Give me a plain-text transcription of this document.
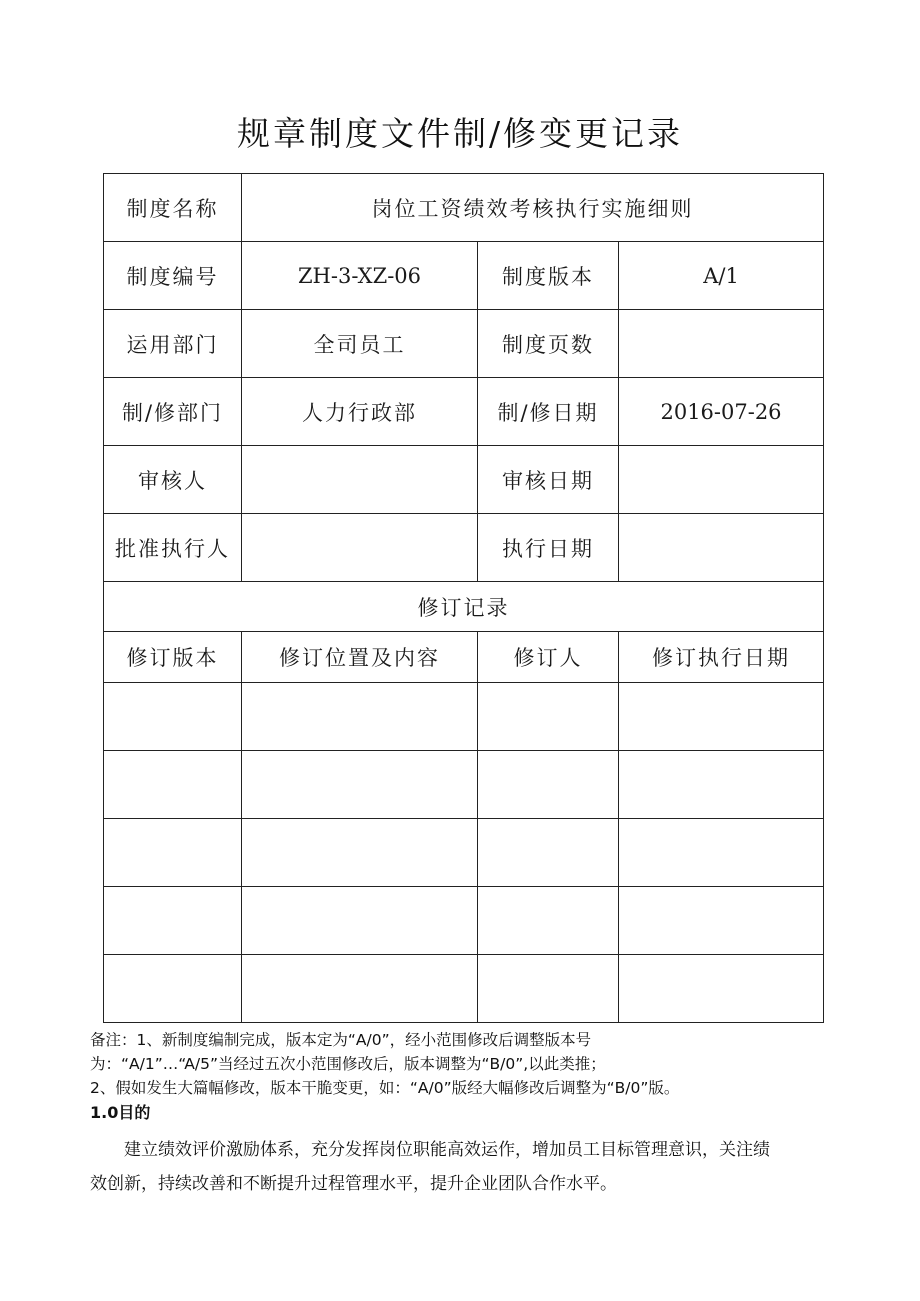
规章制度文件制/修变更记录
制度名称	岗位工资绩效考核执行实施细则		
制度编号	ZH-3-XZ-06	制度版本	A/1
运用部门	全司员工	制度页数	
制/修部门	人力行政部	制/修日期	2016-07-26
审核人		审核日期	
批准执行人		执行日期	
修订记录			
修订版本	修订位置及内容	修订人	修订执行日期

备注：1、新制度编制完成，版本定为“A/0”，经小范围修改后调整版本号
为：“A/1”…“A/5”当经过五次小范围修改后，版本调整为“B/0”,以此类推；
2、假如发生大篇幅修改，版本干脆变更，如：“A/0”版经大幅修改后调整为“B/0”版。
1.0目的
建立绩效评价激励体系，充分发挥岗位职能高效运作，增加员工目标管理意识，关注绩
效创新，持续改善和不断提升过程管理水平，提升企业团队合作水平。
